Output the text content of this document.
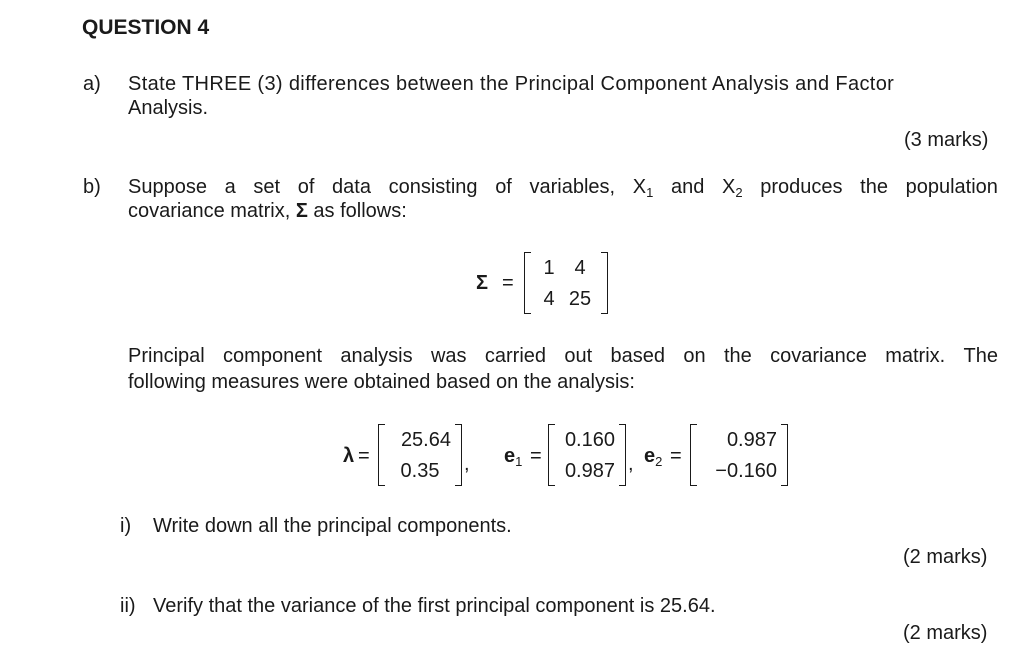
QUESTION 4
a) State THREE (3) differences between the Principal Component Analysis and Factor
Analysis.
(3 marks)
b) Suppose a set of data consisting of variables, $X_1$ and $X_2$ produces the population
covariance matrix, Σ as follows:
Σ =
1 4
4 25
Principal component analysis was carried out based on the covariance matrix. The
following measures were obtained based on the analysis:
λ =
25.64
0.35	, $e_1$ =
0.160
0.987 , $e_2$ =
0.987
−0.160
i) Write down all the principal components.
(2 marks)
ii) Verify that the variance of the first principal component is 25.64.
(2 marks)
